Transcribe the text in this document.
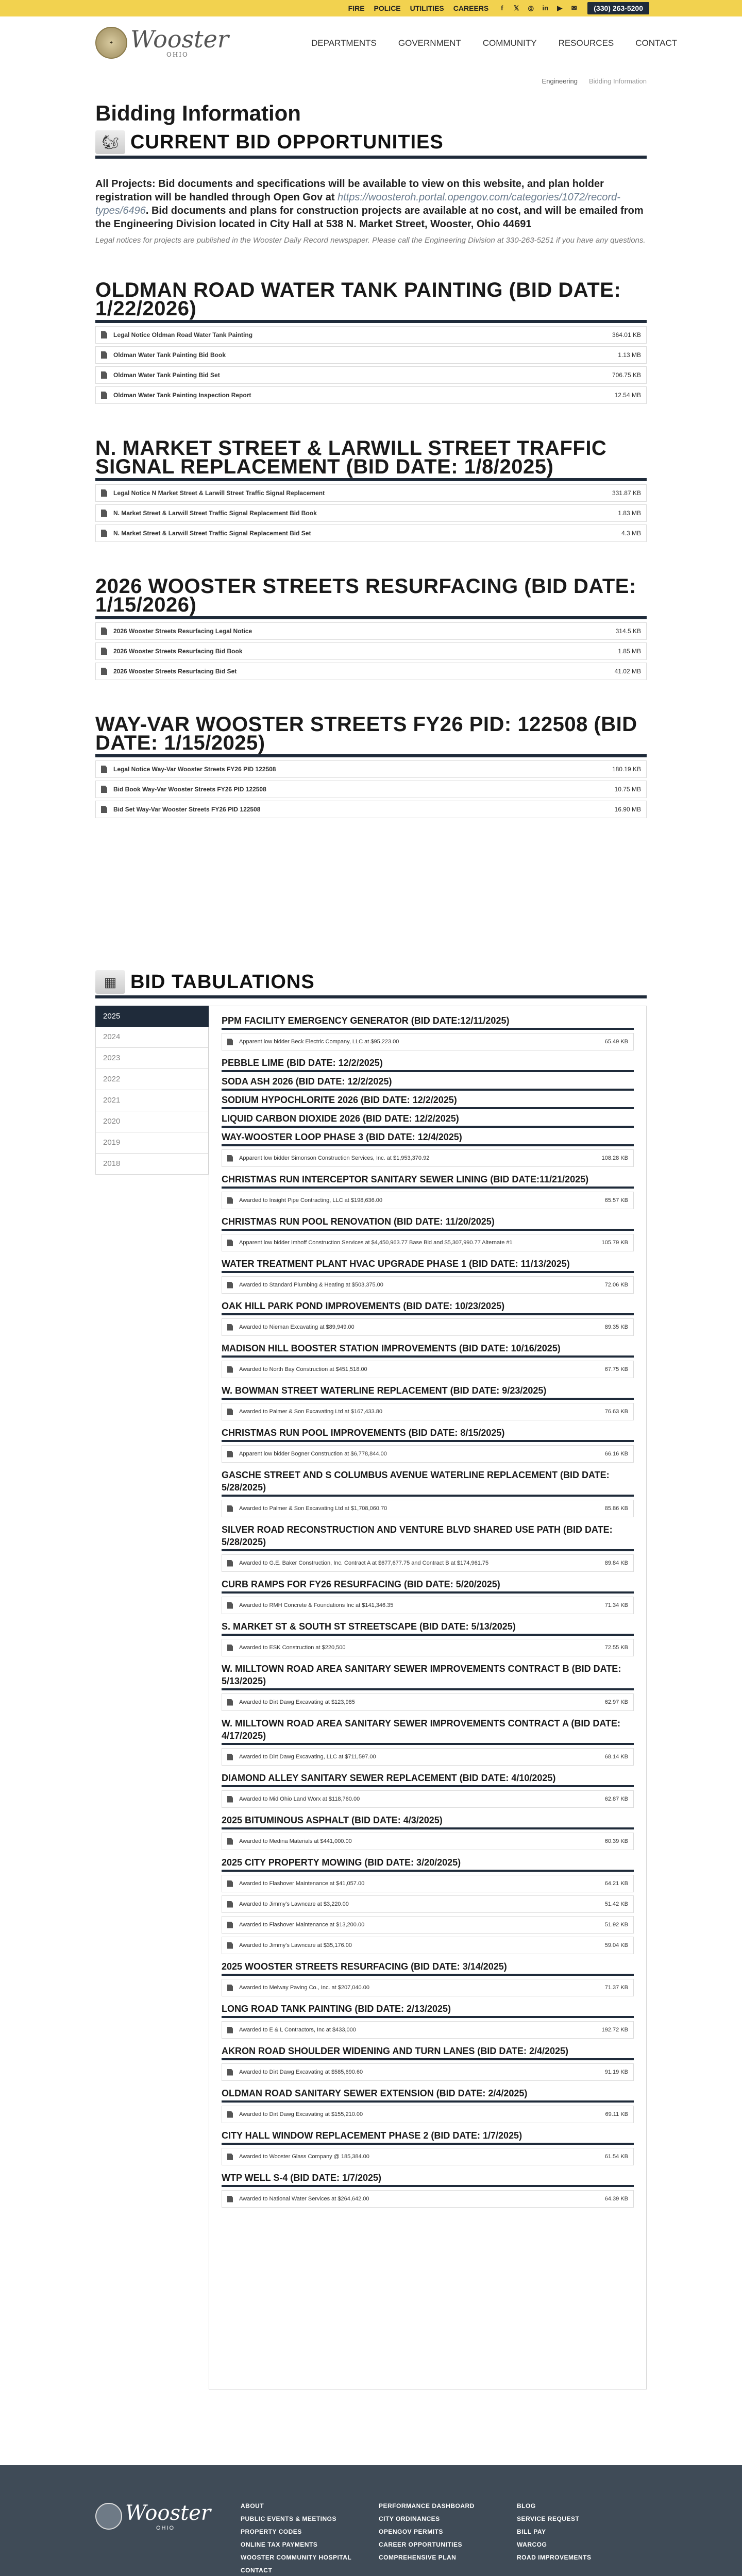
FIRE POLICE UTILITIES CAREERS	f	𝕏 ◎ in ▶ ✉	(330) 263-5200
✦ Wooster
OHIO
DEPARTMENTS GOVERNMENT COMMUNITY RESOURCES CONTACT
Engineering Bidding Information
Bidding Information
🐿 CURRENT BID OPPORTUNITIES

All Projects: Bid documents and specifications will be available to view on this website, and plan holder registration will be handled through Open Gov at https://woosteroh.portal.opengov.com/categories/1072/record-types/6496. Bid documents and plans for construction projects are available at no cost, and will be emailed from the Engineering Division located in City Hall at 538 N. Market Street, Wooster, Ohio 44691

Legal notices for projects are published in the Wooster Daily Record newspaper. Please call the Engineering Division at 330-263-5251 if you have any questions.

OLDMAN ROAD WATER TANK PAINTING (BID DATE: 1/22/2026)
Legal Notice Oldman Road Water Tank Painting	364.01 KB
Oldman Water Tank Painting Bid Book	1.13 MB
Oldman Water Tank Painting Bid Set	706.75 KB
Oldman Water Tank Painting Inspection Report	12.54 MB
N. MARKET STREET & LARWILL STREET TRAFFIC SIGNAL REPLACEMENT (BID DATE: 1/8/2025)
Legal Notice N Market Street & Larwill Street Traffic Signal Replacement	331.87 KB
N. Market Street & Larwill Street Traffic Signal Replacement Bid Book	1.83 MB
N. Market Street & Larwill Street Traffic Signal Replacement Bid Set	4.3 MB
2026 WOOSTER STREETS RESURFACING (BID DATE: 1/15/2026)
2026 Wooster Streets Resurfacing Legal Notice	314.5 KB
2026 Wooster Streets Resurfacing Bid Book	1.85 MB
2026 Wooster Streets Resurfacing Bid Set	41.02 MB
WAY-VAR WOOSTER STREETS FY26 PID: 122508 (BID DATE: 1/15/2025)
Legal Notice Way-Var Wooster Streets FY26 PID 122508	180.19 KB
Bid Book Way-Var Wooster Streets FY26 PID 122508	10.75 MB
Bid Set Way-Var Wooster Streets FY26 PID 122508	16.90 MB
▦ BID TABULATIONS
2025
2024
2023
2022
2021
2020
2019
2018
PPM FACILITY EMERGENCY GENERATOR (BID DATE:12/11/2025)
Apparent low bidder Beck Electric Company, LLC at $95,223.00	65.49 KB
PEBBLE LIME (BID DATE: 12/2/2025)
SODA ASH 2026 (BID DATE: 12/2/2025)
SODIUM HYPOCHLORITE 2026 (BID DATE: 12/2/2025)
LIQUID CARBON DIOXIDE 2026 (BID DATE: 12/2/2025)
WAY-WOOSTER LOOP PHASE 3 (BID DATE: 12/4/2025)
Apparent low bidder Simonson Construction Services, Inc. at $1,953,370.92	108.28 KB
CHRISTMAS RUN INTERCEPTOR SANITARY SEWER LINING (BID DATE:11/21/2025)
Awarded to Insight Pipe Contracting, LLC at $198,636.00	65.57 KB
CHRISTMAS RUN POOL RENOVATION (BID DATE: 11/20/2025)
Apparent low bidder Imhoff Construction Services at $4,450,963.77 Base Bid and $5,307,990.77 Alternate #1	105.79 KB
WATER TREATMENT PLANT HVAC UPGRADE PHASE 1 (BID DATE: 11/13/2025)
Awarded to Standard Plumbing & Heating at $503,375.00	72.06 KB
OAK HILL PARK POND IMPROVEMENTS (BID DATE: 10/23/2025)
Awarded to Nieman Excavating at $89,949.00	89.35 KB
MADISON HILL BOOSTER STATION IMPROVEMENTS (BID DATE: 10/16/2025)
Awarded to North Bay Construction at $451,518.00	67.75 KB
W. BOWMAN STREET WATERLINE REPLACEMENT (BID DATE: 9/23/2025)
Awarded to Palmer & Son Excavating Ltd at $167,433.80	76.63 KB
CHRISTMAS RUN POOL IMPROVEMENTS (BID DATE: 8/15/2025)
Apparent low bidder Bogner Construction at $6,778,844.00	66.16 KB
GASCHE STREET AND S COLUMBUS AVENUE WATERLINE REPLACEMENT (BID DATE: 5/28/2025)
Awarded to Palmer & Son Excavating Ltd at $1,708,060.70	85.86 KB
SILVER ROAD RECONSTRUCTION AND VENTURE BLVD SHARED USE PATH (BID DATE: 5/28/2025)
Awarded to G.E. Baker Construction, Inc. Contract A at $677,677.75 and Contract B at $174,961.75	89.84 KB
CURB RAMPS FOR FY26 RESURFACING (BID DATE: 5/20/2025)
Awarded to RMH Concrete & Foundations Inc at $141,346.35	71.34 KB
S. MARKET ST & SOUTH ST STREETSCAPE (BID DATE: 5/13/2025)
Awarded to ESK Construction at $220,500	72.55 KB
W. MILLTOWN ROAD AREA SANITARY SEWER IMPROVEMENTS CONTRACT B (BID DATE: 5/13/2025)
Awarded to Dirt Dawg Excavating at $123,985	62.97 KB
W. MILLTOWN ROAD AREA SANITARY SEWER IMPROVEMENTS CONTRACT A (BID DATE: 4/17/2025)
Awarded to Dirt Dawg Excavating, LLC at $711,597.00	68.14 KB
DIAMOND ALLEY SANITARY SEWER REPLACEMENT (BID DATE: 4/10/2025)
Awarded to Mid Ohio Land Worx at $118,760.00	62.87 KB
2025 BITUMINOUS ASPHALT (BID DATE: 4/3/2025)
Awarded to Medina Materials at $441,000.00	60.39 KB
2025 CITY PROPERTY MOWING (BID DATE: 3/20/2025)
Awarded to Flashover Maintenance at $41,057.00	64.21 KB
Awarded to Jimmy's Lawncare at $3,220.00	51.42 KB
Awarded to Flashover Maintenance at $13,200.00	51.92 KB
Awarded to Jimmy's Lawncare at $35,176.00	59.04 KB
2025 WOOSTER STREETS RESURFACING (BID DATE: 3/14/2025)
Awarded to Melway Paving Co., Inc. at $207,040.00	71.37 KB
LONG ROAD TANK PAINTING (BID DATE: 2/13/2025)
Awarded to E & L Contractors, Inc at $433,000	192.72 KB
AKRON ROAD SHOULDER WIDENING AND TURN LANES (BID DATE: 2/4/2025)
Awarded to Dirt Dawg Excavating at $585,690.60	91.19 KB
OLDMAN ROAD SANITARY SEWER EXTENSION (BID DATE: 2/4/2025)
Awarded to Dirt Dawg Excavating at $155,210.00	69.11 KB
CITY HALL WINDOW REPLACEMENT PHASE 2 (BID DATE: 1/7/2025)
Awarded to Wooster Glass Company @ 185,384.00	61.54 KB
WTP WELL S-4 (BID DATE: 1/7/2025)
Awarded to National Water Services at $264,642.00	64.39 KB
Wooster
OHIO
ABOUT
PUBLIC EVENTS & MEETINGS
PROPERTY CODES
ONLINE TAX PAYMENTS
WOOSTER COMMUNITY HOSPITAL
CONTACT
PERFORMANCE DASHBOARD
CITY ORDINANCES
OPENGOV PERMITS
CAREER OPPORTUNITIES
COMPREHENSIVE PLAN
BLOG
SERVICE REQUEST
BILL PAY
WARCOG
ROAD IMPROVEMENTS
